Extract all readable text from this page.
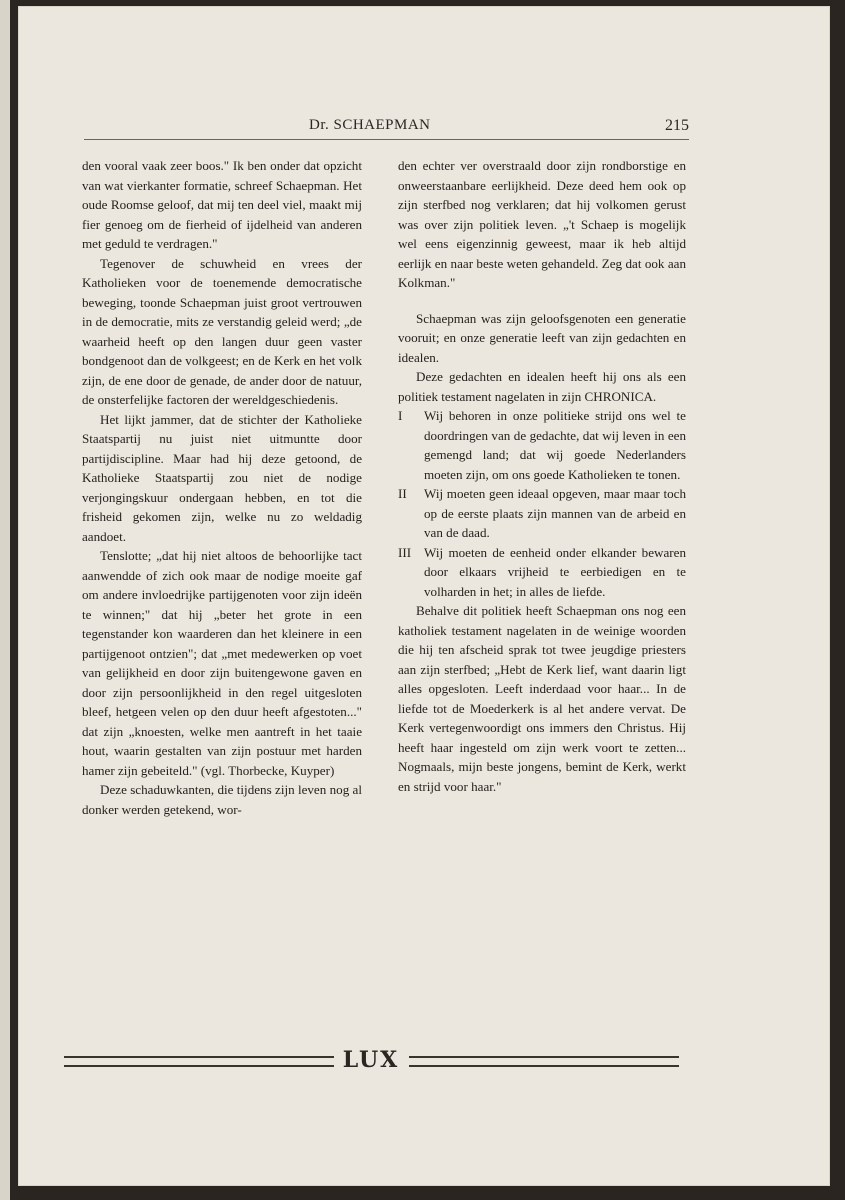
Dr. SCHAEPMAN	215

den vooral vaak zeer boos." Ik ben onder dat opzicht van wat vierkanter formatie, schreef Schaepman. Het oude Roomse geloof, dat mij ten deel viel, maakt mij fier genoeg om de fierheid of ijdelheid van anderen met geduld te verdragen."

Tegenover de schuwheid en vrees der Katholieken voor de toenemende democratische beweging, toonde Schaepman juist groot vertrouwen in de democratie, mits ze verstandig geleid werd; „de waarheid heeft op den langen duur geen vaster bondgenoot dan de volkgeest; en de Kerk en het volk zijn, de ene door de genade, de ander door de natuur, de onsterfelijke factoren der wereldgeschiedenis.

Het lijkt jammer, dat de stichter der Katholieke Staatspartij nu juist niet uitmuntte door partijdiscipline. Maar had hij deze getoond, de Katholieke Staatspartij zou niet de nodige verjongingskuur ondergaan hebben, en tot die frisheid gekomen zijn, welke nu zo weldadig aandoet.

Tenslotte; „dat hij niet altoos de behoorlijke tact aanwendde of zich ook maar de nodige moeite gaf om andere invloedrijke partijgenoten voor zijn ideën te winnen;" dat hij „beter het grote in een tegenstander kon waarderen dan het kleinere in een partijgenoot ontzien"; dat „met medewerken op voet van gelijkheid en door zijn buitengewone gaven en door zijn persoonlijkheid in den regel uitgesloten bleef, hetgeen velen op den duur heeft afgestoten..." dat zijn „knoesten, welke men aantreft in het taaie hout, waarin gestalten van zijn postuur met harden hamer zijn gebeiteld." (vgl. Thorbecke, Kuyper)

Deze schaduwkanten, die tijdens zijn leven nog al donker werden getekend, wor-

den echter ver overstraald door zijn rondborstige en onweerstaanbare eerlijkheid. Deze deed hem ook op zijn sterfbed nog verklaren; dat hij volkomen gerust was over zijn politiek leven. „'t Schaep is mogelijk wel eens eigenzinnig geweest, maar ik heb altijd eerlijk en naar beste weten gehandeld. Zeg dat ook aan Kolkman."

Schaepman was zijn geloofsgenoten een generatie vooruit; en onze generatie leeft van zijn gedachten en idealen.

Deze gedachten en idealen heeft hij ons als een politiek testament nagelaten in zijn CHRONICA.

I	Wij behoren in onze politieke strijd ons wel te doordringen van de gedachte, dat wij leven in een gemengd land; dat wij goede Nederlanders moeten zijn, om ons goede Katholieken te tonen.
II	Wij moeten geen ideaal opgeven, maar maar toch op de eerste plaats zijn mannen van de arbeid en van de daad.
III Wij moeten de eenheid onder elkander bewaren door elkaars vrijheid te eerbiedigen en te volharden in het; in alles de liefde.

Behalve dit politiek heeft Schaepman ons nog een katholiek testament nagelaten in de weinige woorden die hij ten afscheid sprak tot twee jeugdige priesters aan zijn sterfbed; „Hebt de Kerk lief, want daarin ligt alles opgesloten. Leeft inderdaad voor haar... In de liefde tot de Moederkerk is al het andere vervat. De Kerk vertegenwoordigt ons immers den Christus. Hij heeft haar ingesteld om zijn werk voort te zetten... Nogmaals, mijn beste jongens, bemint de Kerk, werkt en strijd voor haar."

LUX
